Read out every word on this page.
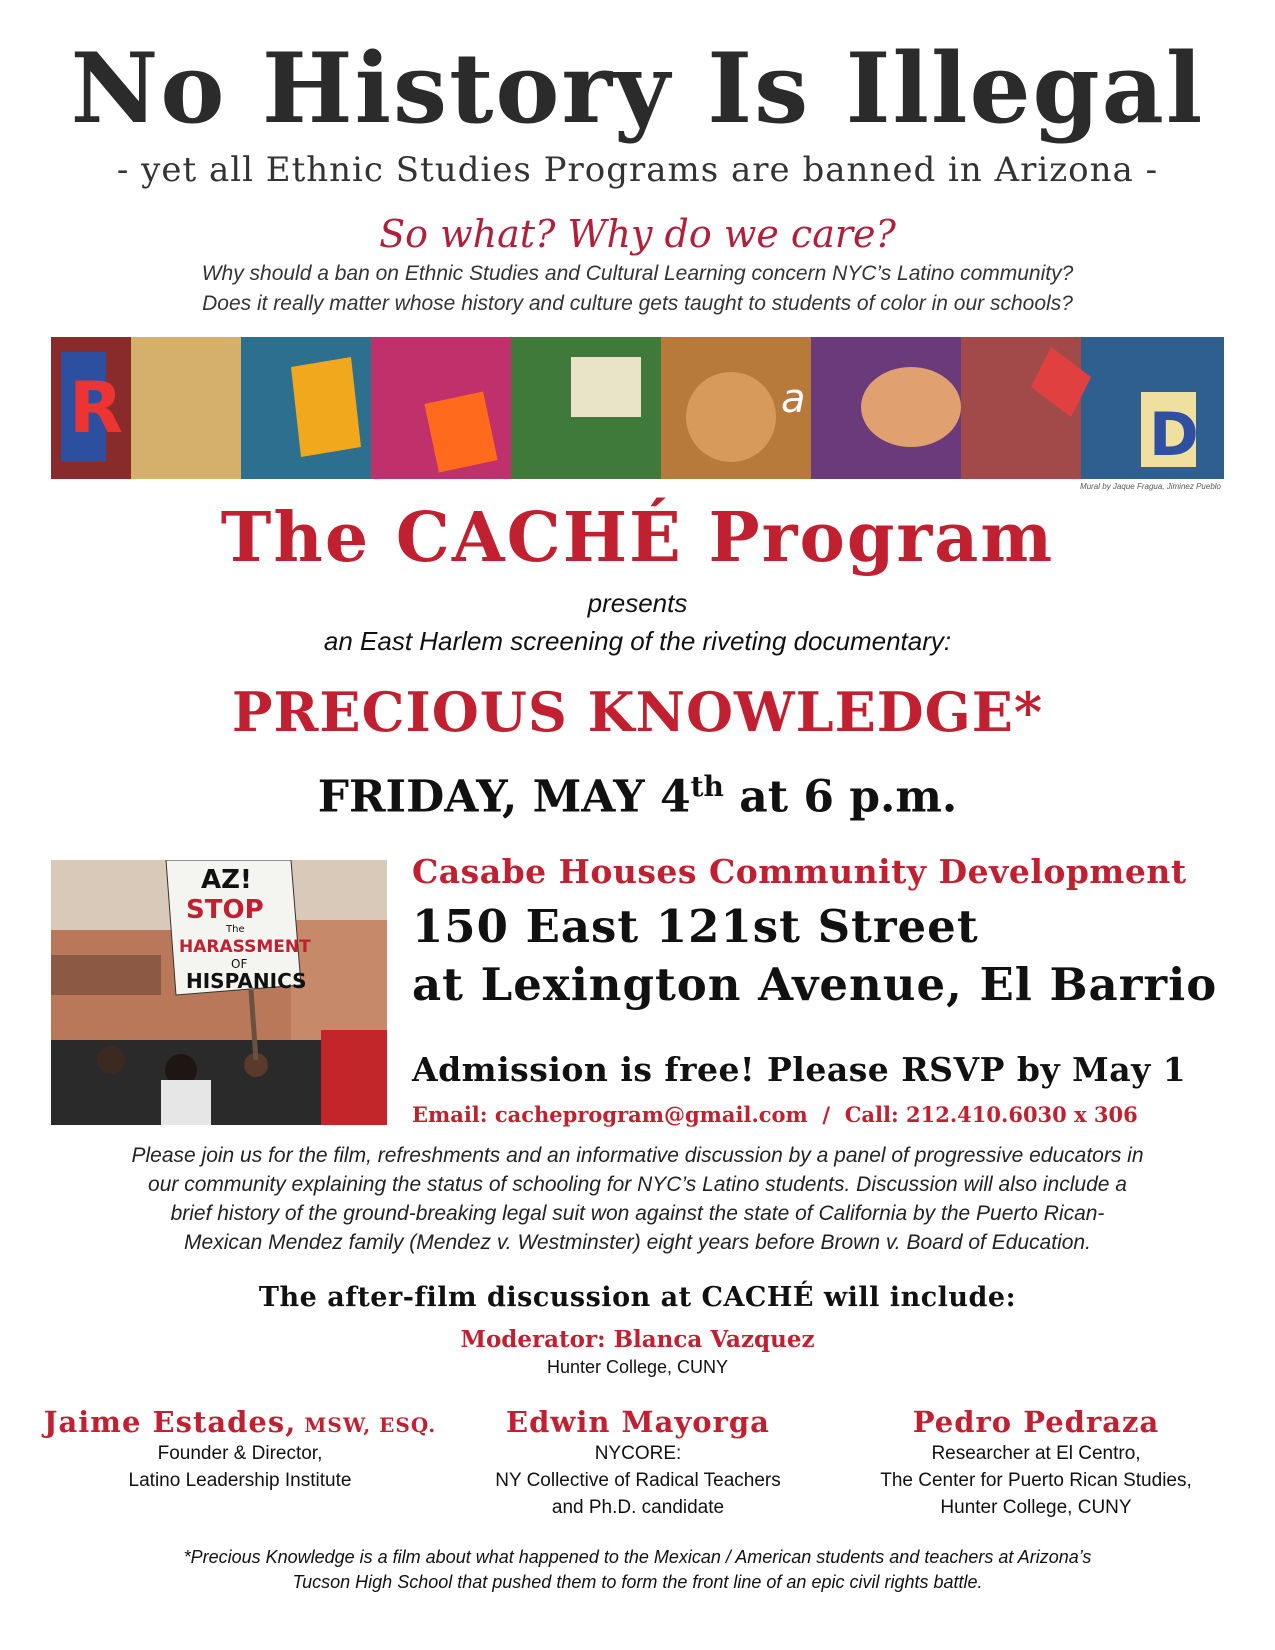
No History Is Illegal
- yet all Ethnic Studies Programs are banned in Arizona -
So what? Why do we care?
Why should a ban on Ethnic Studies and Cultural Learning concern NYC’s Latino community?
Does it really matter whose history and culture gets taught to students of color in our schools?
R	a
D
Mural by Jaque Fragua, Jiminez Pueblo
The CACHÉ Program
presents
an East Harlem screening of the riveting documentary:
PRECIOUS KNOWLEDGE*
FRIDAY, MAY 4th at 6 p.m.
AZ!
STOP
The
HARASSMENT
OF
HISPANICS
Casabe Houses Community Development
150 East 121st Street
at Lexington Avenue, El Barrio
Admission is free! Please RSVP by May 1
Email: cacheprogram@gmail.com  /  Call: 212.410.6030 x 306
Please join us for the film, refreshments and an informative discussion by a panel of progressive educators in
our community explaining the status of schooling for NYC’s Latino students. Discussion will also include a
brief history of the ground-breaking legal suit won against the state of California by the Puerto Rican-
Mexican Mendez family (Mendez v. Westminster) eight years before Brown v. Board of Education.
The after-film discussion at CACHÉ will include:
Moderator: Blanca Vazquez
Hunter College, CUNY
Jaime Estades, MSW, ESQ.
Founder & Director,
Latino Leadership Institute
Edwin Mayorga
NYCORE:
NY Collective of Radical Teachers
and Ph.D. candidate
Pedro Pedraza
Researcher at El Centro,
The Center for Puerto Rican Studies,
Hunter College, CUNY
*Precious Knowledge is a film about what happened to the Mexican / American students and teachers at Arizona’s
Tucson High School that pushed them to form the front line of an epic civil rights battle.
